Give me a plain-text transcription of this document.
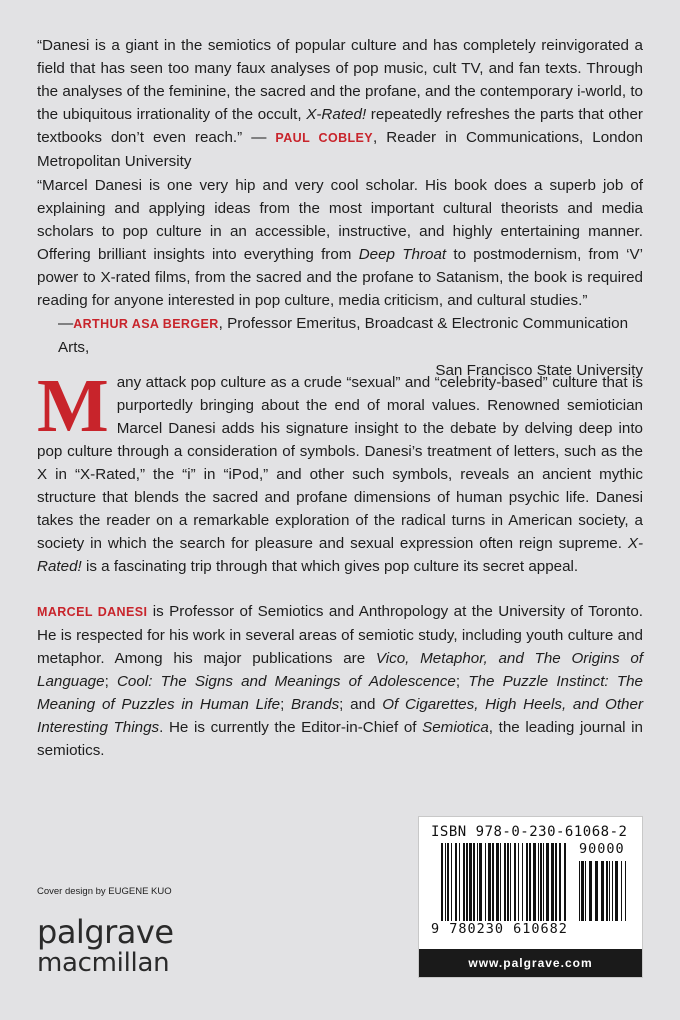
“Danesi is a giant in the semiotics of popular culture and has completely reinvigorated a field that has seen too many faux analyses of pop music, cult TV, and fan texts. Through the analyses of the feminine, the sacred and the profane, and the contemporary i-world, to the ubiquitous irrationality of the occult, X-Rated! repeatedly refreshes the parts that other textbooks don’t even reach.” — PAUL COBLEY, Reader in Communications, London Metropolitan University
“Marcel Danesi is one very hip and very cool scholar. His book does a superb job of explaining and applying ideas from the most important cultural theorists and media scholars to pop culture in an accessible, instructive, and highly entertaining manner. Offering brilliant insights into everything from Deep Throat to postmodernism, from ‘V’ power to X-rated films, from the sacred and the profane to Satanism, the book is required reading for anyone interested in pop culture, media criticism, and cultural studies.”
—ARTHUR ASA BERGER, Professor Emeritus, Broadcast & Electronic Communication Arts,
San Francisco State University
Many attack pop culture as a crude “sexual” and “celebrity-based” culture that is purportedly bringing about the end of moral values. Renowned semiotician Marcel Danesi adds his signature insight to the debate by delving deep into pop culture through a consideration of symbols. Danesi’s treatment of letters, such as the X in “X-Rated,” the “i” in “iPod,” and other such symbols, reveals an ancient mythic structure that blends the sacred and profane dimensions of human psychic life. Danesi takes the reader on a remarkable exploration of the radical turns in American society, a society in which the search for pleasure and sexual expression often reign supreme. X-Rated! is a fascinating trip through that which gives pop culture its secret appeal.
MARCEL DANESI is Professor of Semiotics and Anthropology at the University of Toronto. He is respected for his work in several areas of semiotic study, including youth culture and metaphor. Among his major publications are Vico, Metaphor, and The Origins of Language; Cool: The Signs and Meanings of Adolescence; The Puzzle Instinct: The Meaning of Puzzles in Human Life; Brands; and Of Cigarettes, High Heels, and Other Interesting Things. He is currently the Editor-in-Chief of Semiotica, the leading journal in semiotics.
Cover design by EUGENE KUO
palgrave
macmillan
ISBN 978-0-230-61068-2
90000
9 780230 610682
www.palgrave.com
